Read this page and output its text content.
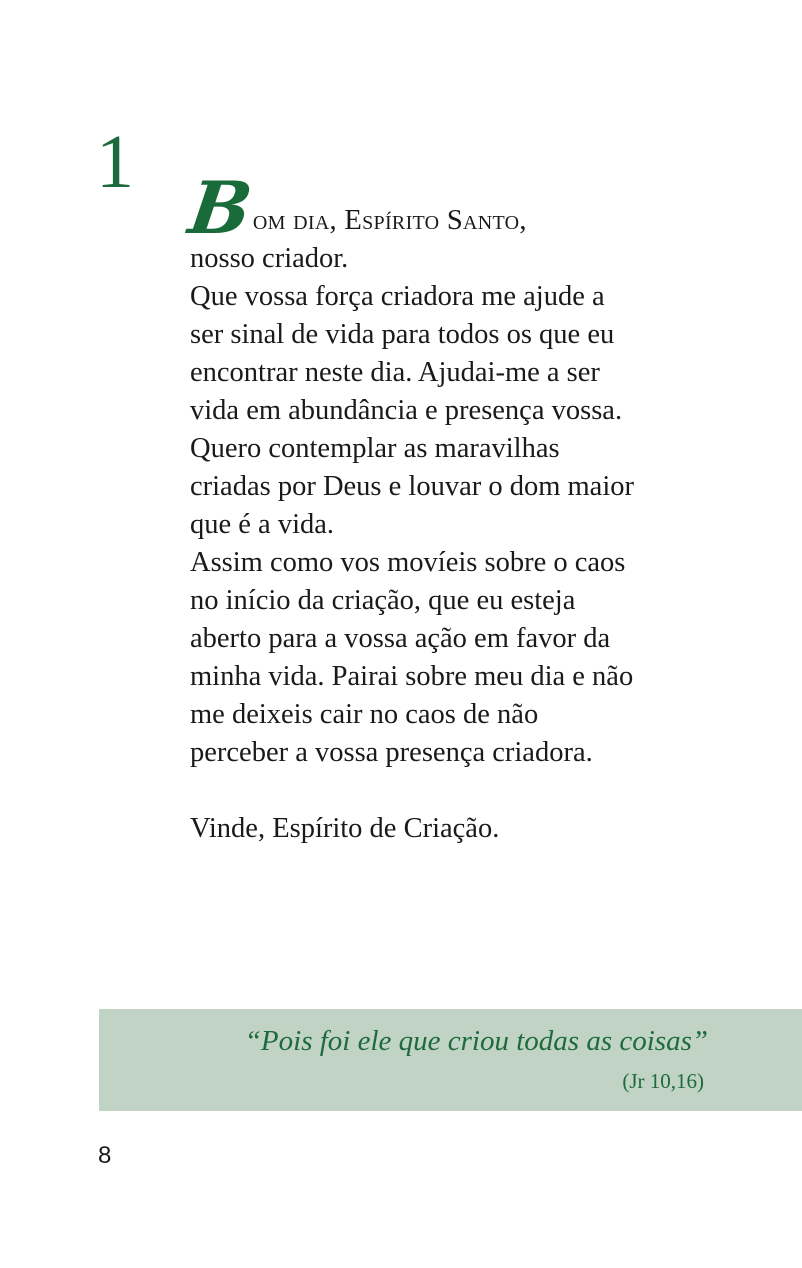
1
Bom dia, Espírito Santo,
nosso criador.
Que vossa força criadora me ajude a
ser sinal de vida para todos os que eu
encontrar neste dia. Ajudai-me a ser
vida em abundância e presença vossa.
Quero contemplar as maravilhas
criadas por Deus e louvar o dom maior
que é a vida.
Assim como vos movíeis sobre o caos
no início da criação, que eu esteja
aberto para a vossa ação em favor da
minha vida. Pairai sobre meu dia e não
me deixeis cair no caos de não
perceber a vossa presença criadora.
Vinde, Espírito de Criação.
“Pois foi ele que criou todas as coisas”
(Jr 10,16)
8
